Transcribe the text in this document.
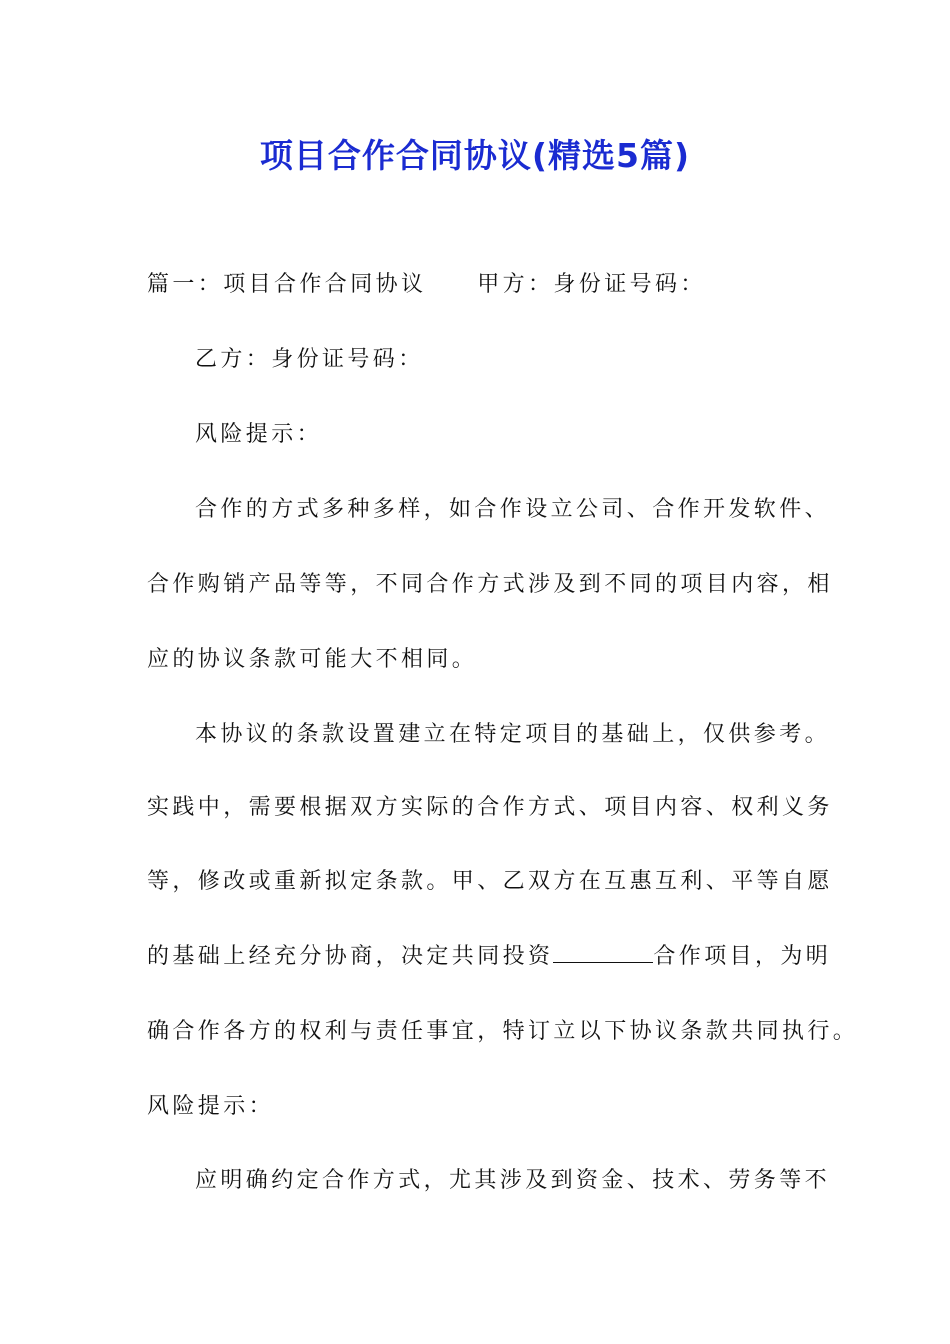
项目合作合同协议(精选5篇)
篇一：项目合作合同协议　　甲方：身份证号码：
乙方：身份证号码：
风险提示：
合作的方式多种多样，如合作设立公司、合作开发软件、
合作购销产品等等，不同合作方式涉及到不同的项目内容，相
应的协议条款可能大不相同。
本协议的条款设置建立在特定项目的基础上，仅供参考。
实践中，需要根据双方实际的合作方式、项目内容、权利义务
等，修改或重新拟定条款。甲、乙双方在互惠互利、平等自愿
的基础上经充分协商，决定共同投资	合作项目，为明
确合作各方的权利与责任事宜，特订立以下协议条款共同执行。
风险提示：
应明确约定合作方式，尤其涉及到资金、技术、劳务等不
